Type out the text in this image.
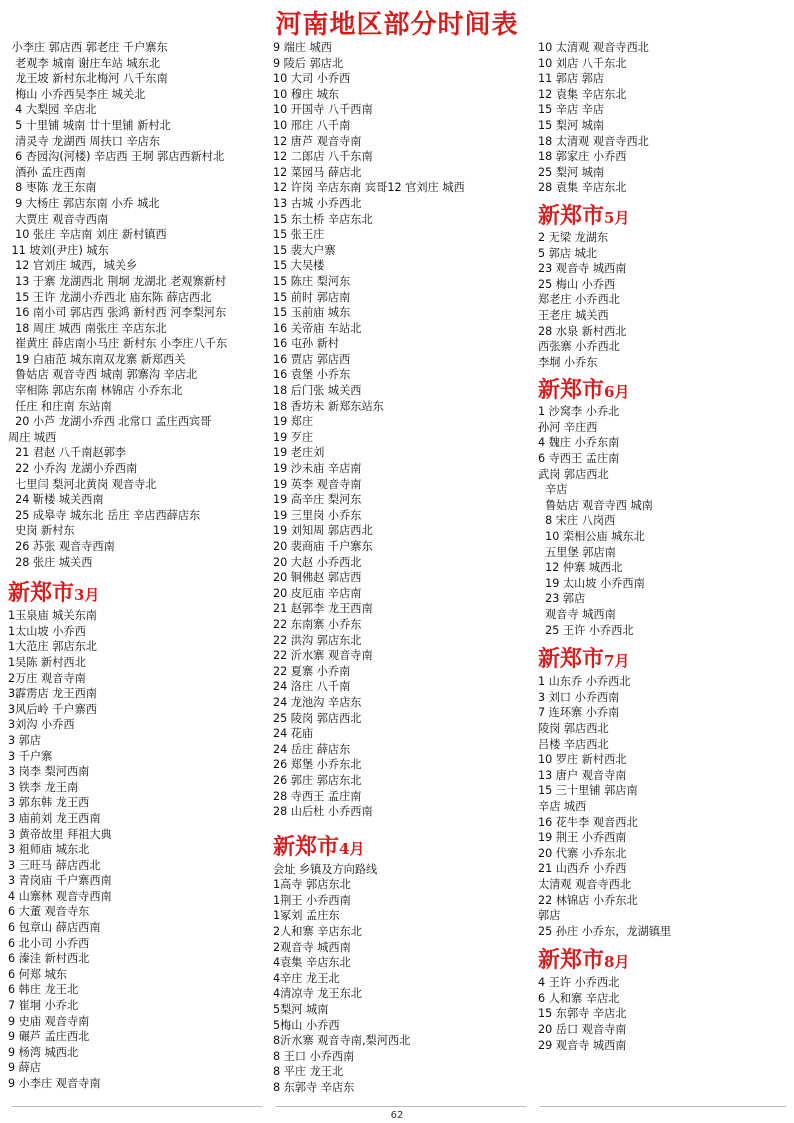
河南地区部分时间表
小李庄 郭店西 郭老庄 千户寨东
老观李 城南 谢庄车站 城东北
龙王坡 新村东北梅河 八千东南
梅山 小乔西吴李庄 城关北
4 大梨园 辛店北
5 十里铺 城南 廿十里铺 新村北
清灵寺 龙湖西 周扶口 辛店东
6 杏园沟(河楼) 辛店西 王垌 郭店西新村北
酒孙 孟庄西南
8 枣陈 龙王东南
9 大杨庄 郭店东南 小乔 城北
大贾庄 观音寺西南
10 张庄 辛店南 刘庄 新村镇西
11 坡刘(尹庄) 城东
12 官刘庄 城西，城关乡
13 于寨 龙湖西北 荆垌 龙湖北 老观寨新村
15 王许 龙湖小乔西北 庙东陈 薛店西北
16 南小司 郭店西 张鸿 新村西 河李梨河东
18 周庄 城西 南张庄 辛店东北
崔黄庄 薛店南小马庄 新村东 小李庄八千东
19 白庙范 城东南双龙寨 新郑西关
鲁姑店 观音寺西 城南 郭寨沟 辛店北
宰相陈 郭店东南 林锦店 小乔东北
任庄 和庄南 东站南
20 小芦 龙湖小乔西 北常口 孟庄西宾哥
周庄 城西
21 君赵 八千南赵郭李
22 小乔沟 龙湖小乔西南
七里闫 梨河北黄岗 观音寺北
24 靳楼 城关西南
25 成皋寺 城东北 岳庄 辛店西薛店东
史岗 新村东
26 苏张 观音寺西南
28 张庄 城关西
新郑市3月
1玉泉庙 城关东南
1太山坡 小乔西
1大范庄 郭店东北
1吴陈 新村西北
2万庄 观音寺南
3霹雳店 龙王西南
3风后岭 千户寨西
3刘沟 小乔西
3 郭店
3 千户寨
3 岗李 梨河西南
3 铁李 龙王南
3 郭东韩 龙王西
3 庙前刘 龙王西南
3 黄帝故里 拜祖大典
3 祖师庙 城东北
3 三旺马 薛店西北
3 青岗庙 千户寨西南
4 山寨林 观音寺西南
6 大董 观音寺东
6 包章山 薛店西南
6 北小司 小乔西
6 溱洼 新村西北
6 何郑 城东
6 韩庄 龙王北
7 崔垌 小乔北
9 史庙 观音寺南
9 碾芦 孟庄西北
9 杨湾 城西北
9 薛店
9 小李庄 观音寺南
9 端庄 城西
9 陵后 郭店北
10 大司 小乔西
10 穆庄 城东
10 开国寺 八千西南
10 邢庄 八千南
12 唐芦 观音寺南
12 二郎店 八千东南
12 菜园马 薛店北
12 许岗 辛店东南 宾哥12 官刘庄 城西
13 古城 小乔西北
15 东土桥 辛店东北
15 张王庄
15 裴大户寨
15 大吴楼
15 陈庄 梨河东
15 前时 郭店南
15 玉前庙 城东
16 关帝庙 车站北
16 屯孙 新村
16 贾店 郭店西
16 袁堡 小乔东
18 后门张 城关西
18 香坊未 新郑东站东
19 郑庄
19 歹庄
19 老庄刘
19 沙未庙 辛店南
19 英李 观音寺南
19 高辛庄 梨河东
19 三里岗 小乔东
19 刘知周 郭店西北
20 裴商庙 千户寨东
20 大赵 小乔西北
20 铜佛赵 郭店西
20 皮厄庙 辛店南
21 赵郭李 龙王西南
22 东南寨 小乔东
22 洪沟 郭店东北
22 沂水寨 观音寺南
22 夏寨 小乔南
24 洛庄 八千南
24 龙池沟 辛店东
25 陵岗 郭店西北
24 花庙
24 岳庄 薛店东
26 郑堡 小乔东北
26 郭庄 郭店东北
28 寺西王 孟庄南
28 山后杜 小乔西南
新郑市4月
会址 乡镇及方向路线
1高寺 郭店东北
1荆王 小乔西南
1冢刘 孟庄东
2人和寨 辛店东北
2观音寺 城西南
4袁集 辛店东北
4辛庄 龙王北
4清凉寺 龙王东北
5梨河 城南
5梅山 小乔西
8沂水寨 观音寺南,梨河西北
8 王口 小乔西南
8 平庄 龙王北
8 东郭寺 辛店东
10 太清观 观音寺西北
10 刘店 八千东北
11 郭店 郭店
12 袁集 辛店东北
15 辛店 辛店
15 梨河 城南
18 太清观 观音寺西北
18 郭家庄 小乔西
25 梨河 城南
28 袁集 辛店东北
新郑市5月
2 无梁 龙湖东
5 郭店 城北
23 观音寺 城西南
25 梅山 小乔西
郑老庄 小乔西北
王老庄 城关西
28 水泉 新村西北
西张寨 小乔西北
李垌 小乔东
新郑市6月
1 沙窝李 小乔北
孙河 辛庄西
4 魏庄 小乔东南
6 寺西王 孟庄南
武岗 郭店西北
辛店
鲁姑店 观音寺西 城南
8 宋庄 八岗西
10 栾相公庙 城东北
五里堡 郭店南
12 仲寨 城西北
19 太山坡 小乔西南
23 郭店
观音寺 城西南
25 王许 小乔西北
新郑市7月
1 山东乔 小乔西北
3 刘口 小乔西南
7 连环寨 小乔南
陵岗 郭店西北
吕楼 辛店西北
10 罗庄 新村西北
13 唐户 观音寺南
15 三十里铺 郭店南
辛店 城西
16 花牛李 观音西北
19 荆王 小乔西南
20 代寨 小乔东北
21 山西乔 小乔西
太清观 观音寺西北
22 林锦店 小乔东北
郭店
25 孙庄 小乔东，龙湖镇里
新郑市8月
4 王许 小乔西北
6 人和寨 辛店北
15 东郭寺 辛店北
20 岳口 观音寺南
29 观音寺 城西南
62
